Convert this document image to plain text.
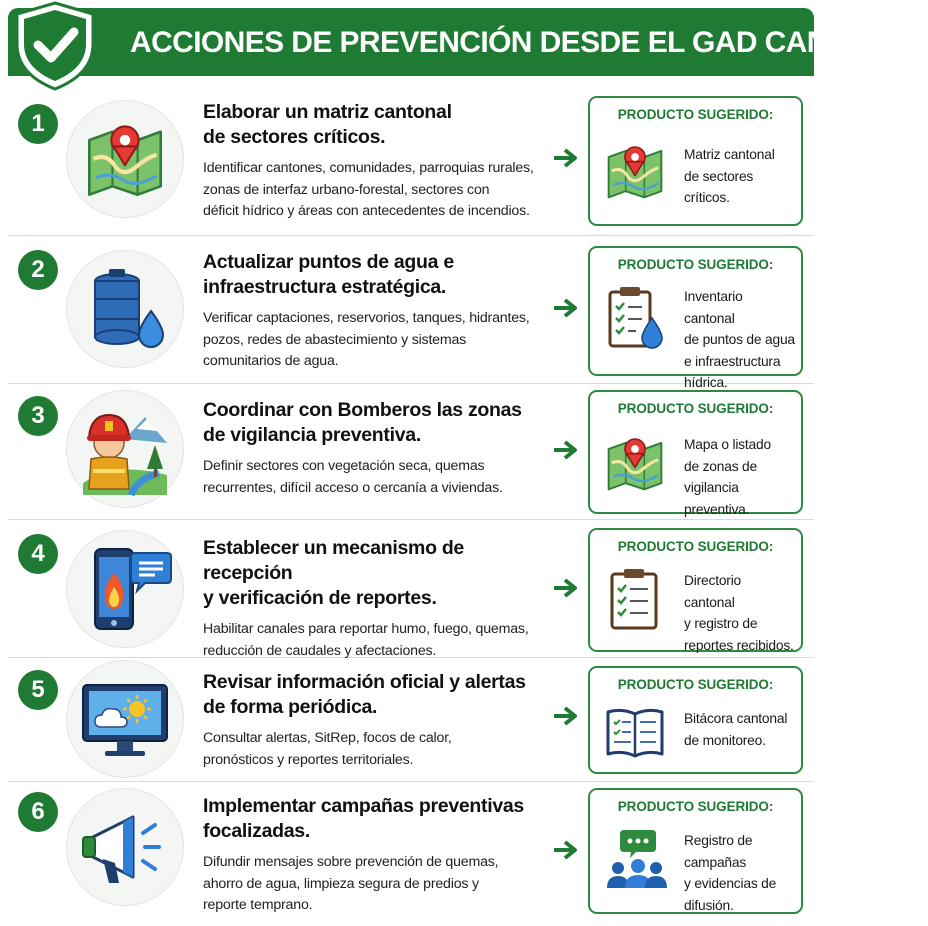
ACCIONES DE PREVENCIÓN DESDE EL GAD CANTONAL
1	Elaborar un matriz cantonal
de sectores críticos.
Identificar cantones, comunidades, parroquias rurales,
zonas de interfaz urbano-forestal, sectores con
déficit hídrico y áreas con antecedentes de incendios.
PRODUCTO SUGERIDO:
Matriz cantonal
de sectores
críticos.
2	Actualizar puntos de agua e
infraestructura estratégica.
Verificar captaciones, reservorios, tanques, hidrantes,
pozos, redes de abastecimiento y sistemas
comunitarios de agua.
PRODUCTO SUGERIDO:
Inventario cantonal
de puntos de agua
e infraestructura
hídrica.
3	Coordinar con Bomberos las zonas
de vigilancia preventiva.
Definir sectores con vegetación seca, quemas
recurrentes, difícil acceso o cercanía a viviendas.
PRODUCTO SUGERIDO:
Mapa o listado
de zonas de
vigilancia preventiva.
4	Establecer un mecanismo de recepción
y verificación de reportes.
Habilitar canales para reportar humo, fuego, quemas,
reducción de caudales y afectaciones.
PRODUCTO SUGERIDO:
Directorio cantonal
y registro de
reportes recibidos.
5	Revisar información oficial y alertas
de forma periódica.
Consultar alertas, SitRep, focos de calor,
pronósticos y reportes territoriales.
PRODUCTO SUGERIDO:
Bitácora cantonal
de monitoreo.
6	Implementar campañas preventivas
focalizadas.
Difundir mensajes sobre prevención de quemas,
ahorro de agua, limpieza segura de predios y
reporte temprano.
PRODUCTO SUGERIDO:
Registro de campañas
y evidencias de
difusión.
